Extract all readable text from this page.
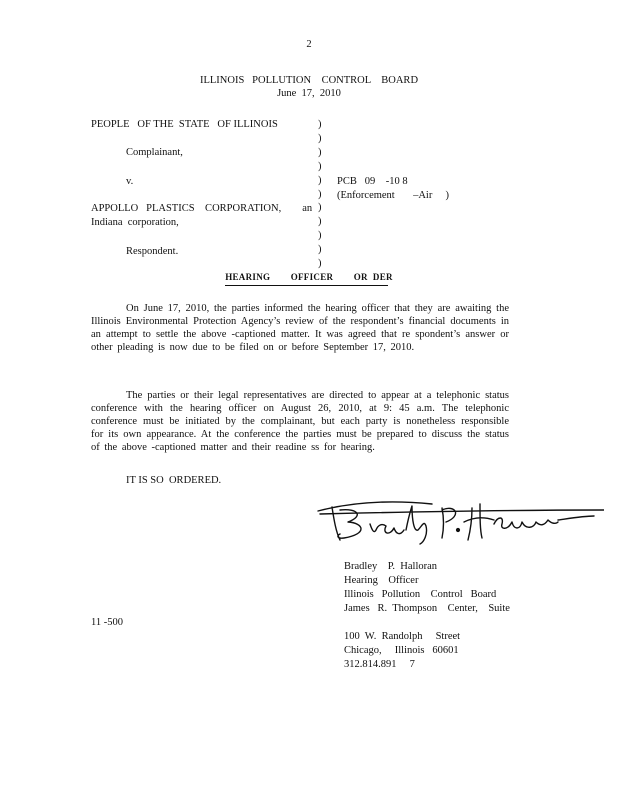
2
ILLINOIS   POLLUTION    CONTROL    BOARD
June  17,  2010
PEOPLE   OF THE  STATE   OF ILLINOIS
Complainant,
v.
APPOLLO   PLASTICS    CORPORATION,        an
Indiana  corporation,
Respondent.
)
)
)
)
)
)
)
)
)
)
)
PCB   09    -10 8
(Enforcement       –Air     )
HEARING        OFFICER        OR  DER
On June 17, 2010, the parties informed the hearing officer that they are awaiting the Illinois Environmental Protection Agency’s review of the respondent’s financial documents in an attempt to settle the above -captioned matter. It was agreed that re spondent’s answer or other pleading is now due to be filed on or before September 17, 2010.
The parties or their legal representatives are directed to appear at a telephonic status conference with the hearing officer on August 26, 2010, at 9: 45 a.m. The telephonic conference must be initiated by the complainant, but each party is nonetheless responsible for its own appearance. At the conference the parties must be prepared to discuss the status of the above -captioned matter and their readine ss for hearing.
IT IS SO  ORDERED.
Bradley    P.  Halloran
Hearing    Officer
Illinois   Pollution    Control   Board
James   R.  Thompson    Center,    Suite
11 -500
100  W.  Randolph     Street
Chicago,     Illinois   60601
312.814.891     7
